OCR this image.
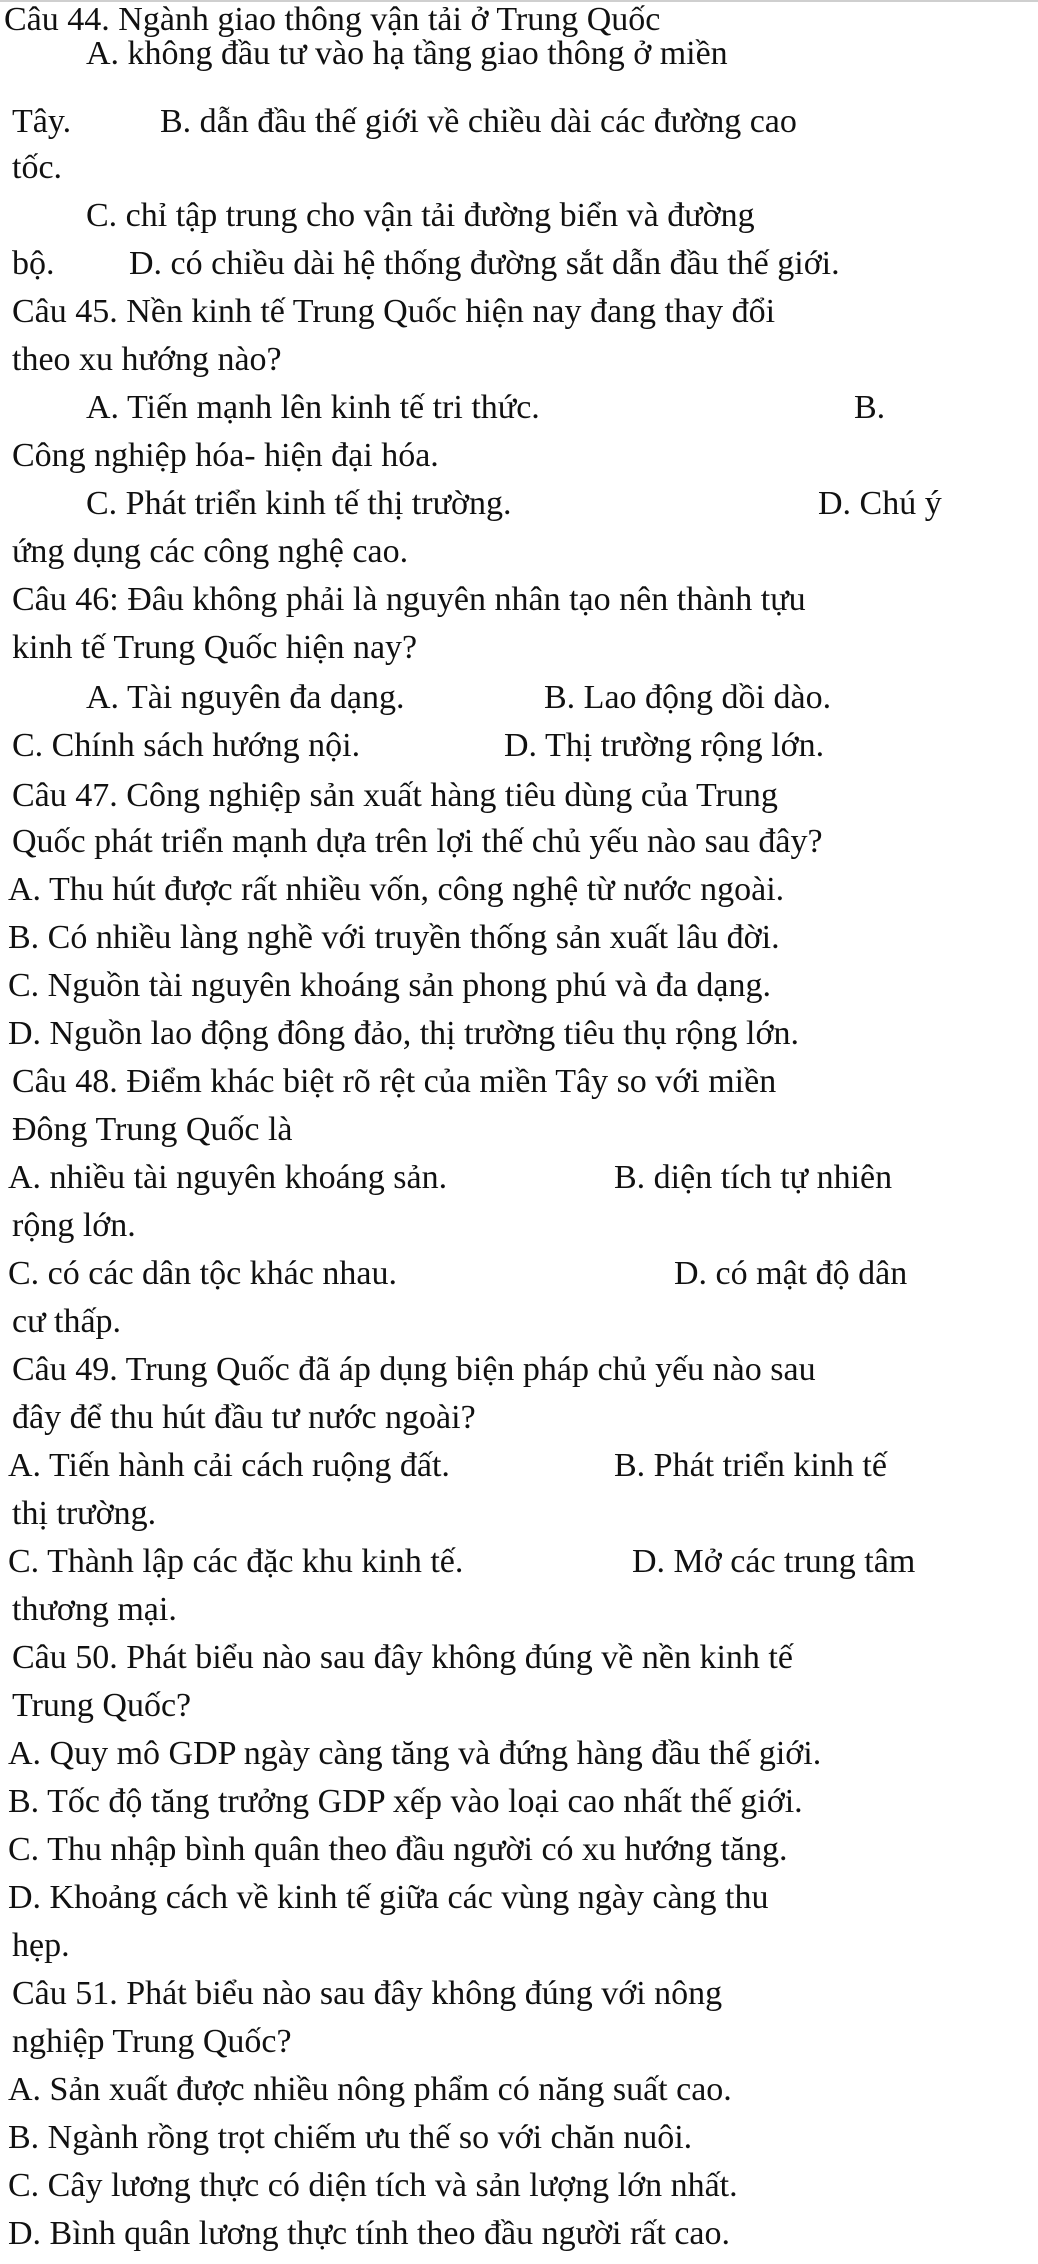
Câu 44. Ngành giao thông vận tải ở Trung Quốc
A. không đầu tư vào hạ tầng giao thông ở miền
Tây.	B. dẫn đầu thế giới về chiều dài các đường cao
tốc.
C. chỉ tập trung cho vận tải đường biển và đường
bộ.	D. có chiều dài hệ thống đường sắt dẫn đầu thế giới.
Câu 45. Nền kinh tế Trung Quốc hiện nay đang thay đổi
theo xu hướng nào?
A. Tiến mạnh lên kinh tế tri thức.	B.
Công nghiệp hóa- hiện đại hóa.
C. Phát triển kinh tế thị trường.	D. Chú ý
ứng dụng các công nghệ cao.
Câu 46: Đâu không phải là nguyên nhân tạo nên thành tựu
kinh tế Trung Quốc hiện nay?
A. Tài nguyên đa dạng.	B. Lao động dồi dào.
C. Chính sách hướng nội.	D. Thị trường rộng lớn.
Câu 47. Công nghiệp sản xuất hàng tiêu dùng của Trung
Quốc phát triển mạnh dựa trên lợi thế chủ yếu nào sau đây?
A. Thu hút được rất nhiều vốn, công nghệ từ nước ngoài.
B. Có nhiều làng nghề với truyền thống sản xuất lâu đời.
C. Nguồn tài nguyên khoáng sản phong phú và đa dạng.
D. Nguồn lao động đông đảo, thị trường tiêu thụ rộng lớn.
Câu 48. Điểm khác biệt rõ rệt của miền Tây so với miền
Đông Trung Quốc là
A. nhiều tài nguyên khoáng sản.	B. diện tích tự nhiên
rộng lớn.
C. có các dân tộc khác nhau.	D. có mật độ dân
cư thấp.
Câu 49. Trung Quốc đã áp dụng biện pháp chủ yếu nào sau
đây để thu hút đầu tư nước ngoài?
A. Tiến hành cải cách ruộng đất.	B. Phát triển kinh tế
thị trường.
C. Thành lập các đặc khu kinh tế.	D. Mở các trung tâm
thương mại.
Câu 50. Phát biểu nào sau đây không đúng về nền kinh tế
Trung Quốc?
A. Quy mô GDP ngày càng tăng và đứng hàng đầu thế giới.
B. Tốc độ tăng trưởng GDP xếp vào loại cao nhất thế giới.
C. Thu nhập bình quân theo đầu người có xu hướng tăng.
D. Khoảng cách về kinh tế giữa các vùng ngày càng thu
hẹp.
Câu 51. Phát biểu nào sau đây không đúng với nông
nghiệp Trung Quốc?
A. Sản xuất được nhiều nông phẩm có năng suất cao.
B. Ngành rồng trọt chiếm ưu thế so với chăn nuôi.
C. Cây lương thực có diện tích và sản lượng lớn nhất.
D. Bình quân lương thực tính theo đầu người rất cao.
